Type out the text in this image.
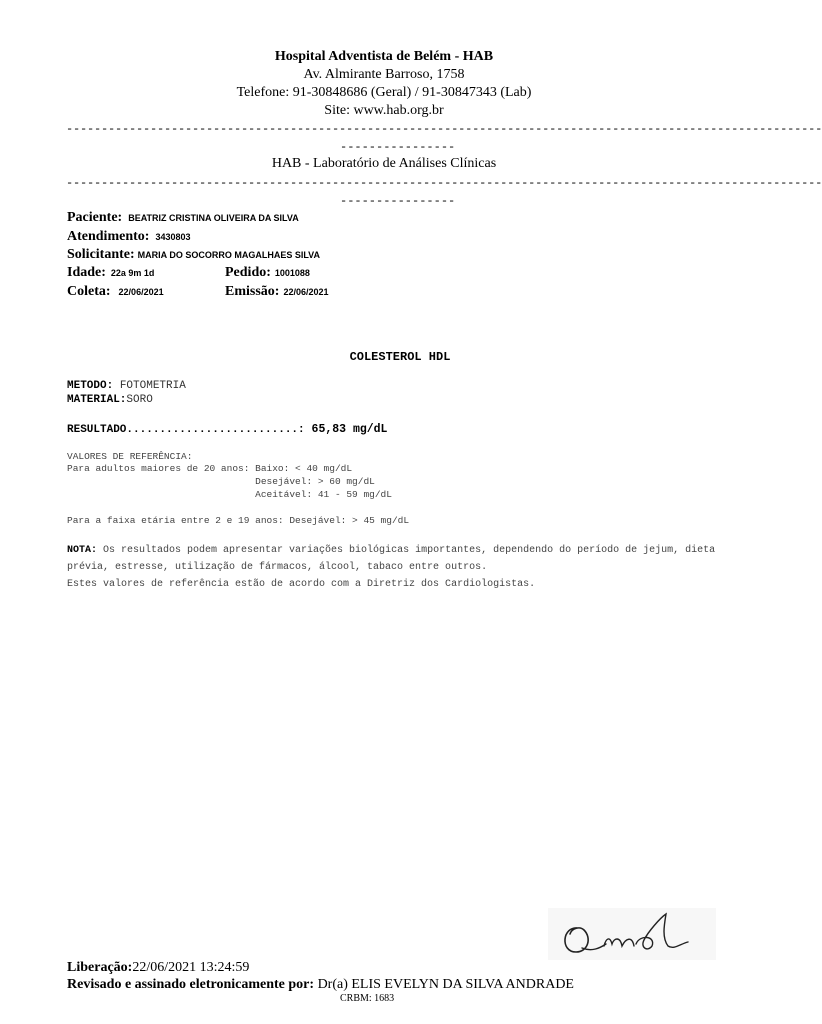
Hospital Adventista de Belém - HAB
Av. Almirante Barroso, 1758
Telefone: 91-30848686 (Geral) / 91-30847343 (Lab)
Site: www.hab.org.br
------------------------------------------------------------------------------------------------------------
----------------
HAB - Laboratório de Análises Clínicas
------------------------------------------------------------------------------------------------------------
----------------
Paciente: BEATRIZ CRISTINA OLIVEIRA DA SILVA
Atendimento: 3430803
Solicitante: MARIA DO SOCORRO MAGALHAES SILVA
Idade: 22a 9m 1d	Pedido: 1001088
Coleta: 22/06/2021	Emissão: 22/06/2021
COLESTEROL HDL
METODO: FOTOMETRIA
MATERIAL:SORO
RESULTADO..........................: 65,83 mg/dL
VALORES DE REFERÊNCIA:
Para adultos maiores de 20 anos: Baixo: < 40 mg/dL
Desejável: > 60 mg/dL
Aceitável: 41 - 59 mg/dL
Para a faixa etária entre 2 e 19 anos: Desejável: > 45 mg/dL
NOTA: Os resultados podem apresentar variações biológicas importantes, dependendo do período de jejum, dieta prévia, estresse, utilização de fármacos, álcool, tabaco entre outros.
Estes valores de referência estão de acordo com a Diretriz dos Cardiologistas.
Liberação:22/06/2021 13:24:59
Revisado e assinado eletronicamente por: Dr(a) ELIS EVELYN DA SILVA ANDRADE
CRBM: 1683
